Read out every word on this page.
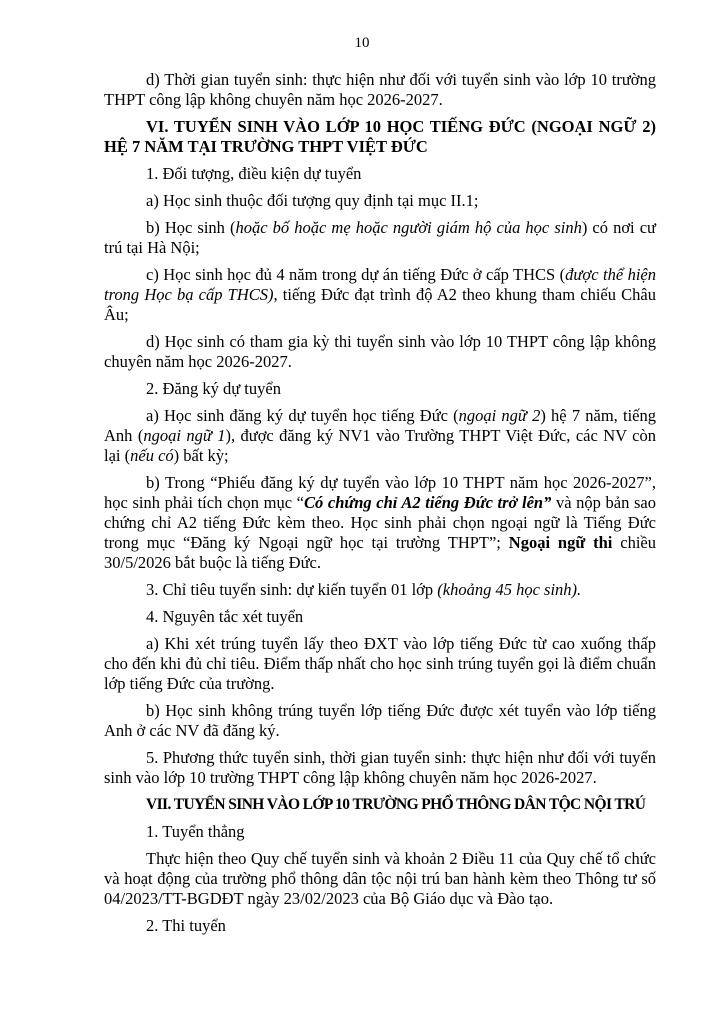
10

d) Thời gian tuyển sinh: thực hiện như đối với tuyển sinh vào lớp 10 trường THPT công lập không chuyên năm học 2026-2027.

VI. TUYỂN SINH VÀO LỚP 10 HỌC TIẾNG ĐỨC (NGOẠI NGỮ 2) HỆ 7 NĂM TẠI TRƯỜNG THPT VIỆT ĐỨC

1. Đối tượng, điều kiện dự tuyển

a) Học sinh thuộc đối tượng quy định tại mục II.1;

b) Học sinh (hoặc bố hoặc mẹ hoặc người giám hộ của học sinh) có nơi cư trú tại Hà Nội;

c) Học sinh học đủ 4 năm trong dự án tiếng Đức ở cấp THCS (được thể hiện trong Học bạ cấp THCS), tiếng Đức đạt trình độ A2 theo khung tham chiếu Châu Âu;

d) Học sinh có tham gia kỳ thi tuyển sinh vào lớp 10 THPT công lập không chuyên năm học 2026-2027.

2. Đăng ký dự tuyển

a) Học sinh đăng ký dự tuyển học tiếng Đức (ngoại ngữ 2) hệ 7 năm, tiếng Anh (ngoại ngữ 1), được đăng ký NV1 vào Trường THPT Việt Đức, các NV còn lại (nếu có) bất kỳ;

b) Trong “Phiếu đăng ký dự tuyển vào lớp 10 THPT năm học 2026-2027”, học sinh phải tích chọn mục “Có chứng chỉ A2 tiếng Đức trở lên” và nộp bản sao chứng chỉ A2 tiếng Đức kèm theo. Học sinh phải chọn ngoại ngữ là Tiếng Đức trong mục “Đăng ký Ngoại ngữ học tại trường THPT”; Ngoại ngữ thi chiều 30/5/2026 bắt buộc là tiếng Đức.

3. Chỉ tiêu tuyển sinh: dự kiến tuyển 01 lớp (khoảng 45 học sinh).

4. Nguyên tắc xét tuyển

a) Khi xét trúng tuyển lấy theo ĐXT vào lớp tiếng Đức từ cao xuống thấp cho đến khi đủ chỉ tiêu. Điểm thấp nhất cho học sinh trúng tuyển gọi là điểm chuẩn lớp tiếng Đức của trường.

b) Học sinh không trúng tuyển lớp tiếng Đức được xét tuyển vào lớp tiếng Anh ở các NV đã đăng ký.

5. Phương thức tuyển sinh, thời gian tuyển sinh: thực hiện như đối với tuyển sinh vào lớp 10 trường THPT công lập không chuyên năm học 2026-2027.

VII. TUYỂN SINH VÀO LỚP 10 TRƯỜNG PHỔ THÔNG DÂN TỘC NỘI TRÚ

1. Tuyển thẳng

Thực hiện theo Quy chế tuyển sinh và khoản 2 Điều 11 của Quy chế tổ chức và hoạt động của trường phổ thông dân tộc nội trú ban hành kèm theo Thông tư số 04/2023/TT-BGDĐT ngày 23/02/2023 của Bộ Giáo dục và Đào tạo.

2. Thi tuyển
